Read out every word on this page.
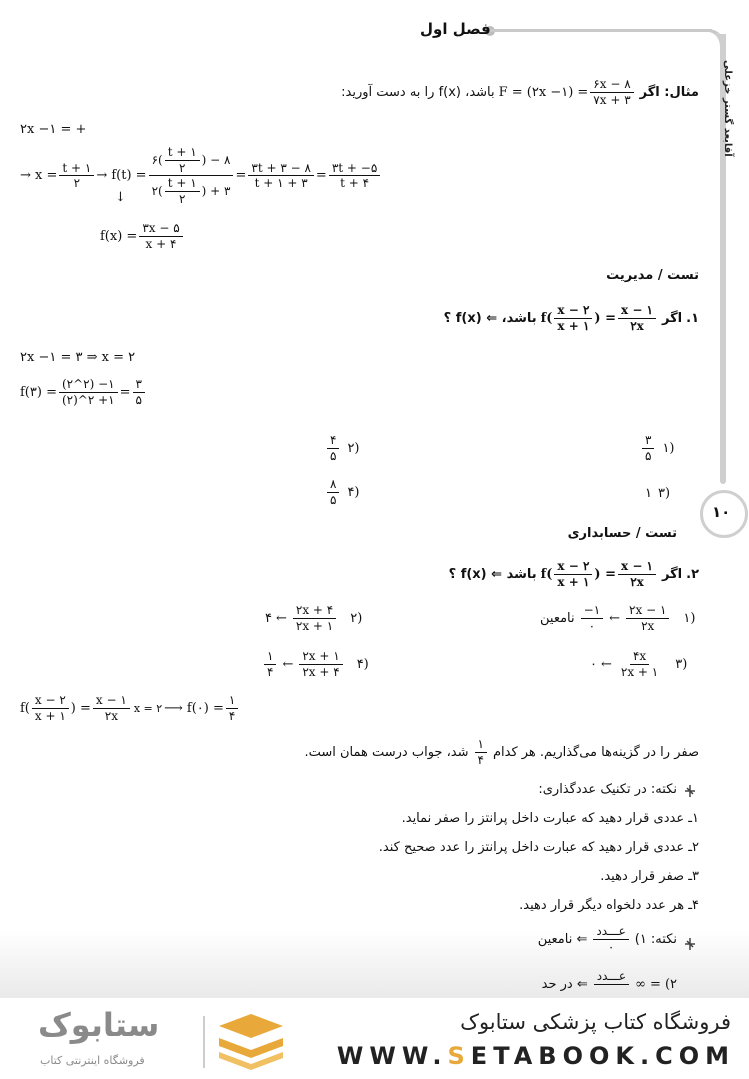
فصل اول
آقابعد گستر خزعلی
۱۰
مثال: اگر
F = (۲x −۱) = $\frac{۶x - ۸}{۷x + ۳}$
باشد، f(x) را به دست آورید:
۲x −۱ = +
→ $x = \frac{t + ۱}{۲} \to f(t) = \frac{۶( \frac{t + ۱}{۲} ) - ۸}{۲( \frac{t + ۱}{۲} ) + ۳} = \frac{۳t + ۳ - ۸}{t + ۱ + ۳} = \frac{۳t + -۵}{t + ۴}$
↓
$f(x) = \frac{۳x - ۵}{x + ۴}$
تست / مدیریت
۱.
اگر
$f( \frac{x - ۲}{x + ۱}$ ) = $\frac{x - ۱}{۲x}$
باشد، ⇐ f(x) ؟
۲x −۱ = ۳ ⇒ x = ۲
f(۳) = $\frac{(۲\^{}۲) -۱}{(۲)\^{}۲ +۱} = \frac{۳}{۵}$
$\frac{۳}{۵}$ ۱)
$\frac{۴}{۵}$ ۲)
۱ ۳)
$\frac{۸}{۵}$ ۴)
تست / حسابداری
۲.
اگر
$f( \frac{x - ۲}{x + ۱}$ ) = $\frac{x - ۱}{۲x}$
باشد ⇐ f(x) ؟
نامعین $\frac{-۱}{۰}$ ← $\frac{۲x - ۱}{۲x}$ ۱)
۴ ← $\frac{۲x + ۴}{۲x + ۱}$ ۲)
۰ ← $\frac{۴x}{۲x + ۱}$ ۳)
$\frac{۱}{۴}$ ← $\frac{۲x + ۱}{۲x + ۴}$ ۴)
$f( \frac{x - ۲}{x + ۱}$ ) = $\frac{x - ۱}{۲x}$ x = ۲ ⟶ f(۰) = $\frac{۱}{۴}$
صفر را در گزینه‌ها می‌گذاریم. هر کدام
$\frac{۱}{۴}$
شد، جواب درست همان است.
نکته: در تکنیک عددگذاری:
۱ـ عددی قرار دهید که عبارت داخل پرانتز را صفر نماید.
۲ـ عددی قرار دهید که عبارت داخل پرانتز را عدد صحیح کند.
۳ـ صفر قرار دهید.
۴ـ هر عدد دلخواه دیگر قرار دهید.
نکته: ۱)
$\frac{\text{عـــدد}}{۰}$
⇐ نامعین
۲)
∞ =
عـــدد

⇐ در حد
فروشگاه کتاب پزشکی ستابوک
WWW.SETABOOK.COM
ستابوک
فروشگاه اینترنتی کتاب
